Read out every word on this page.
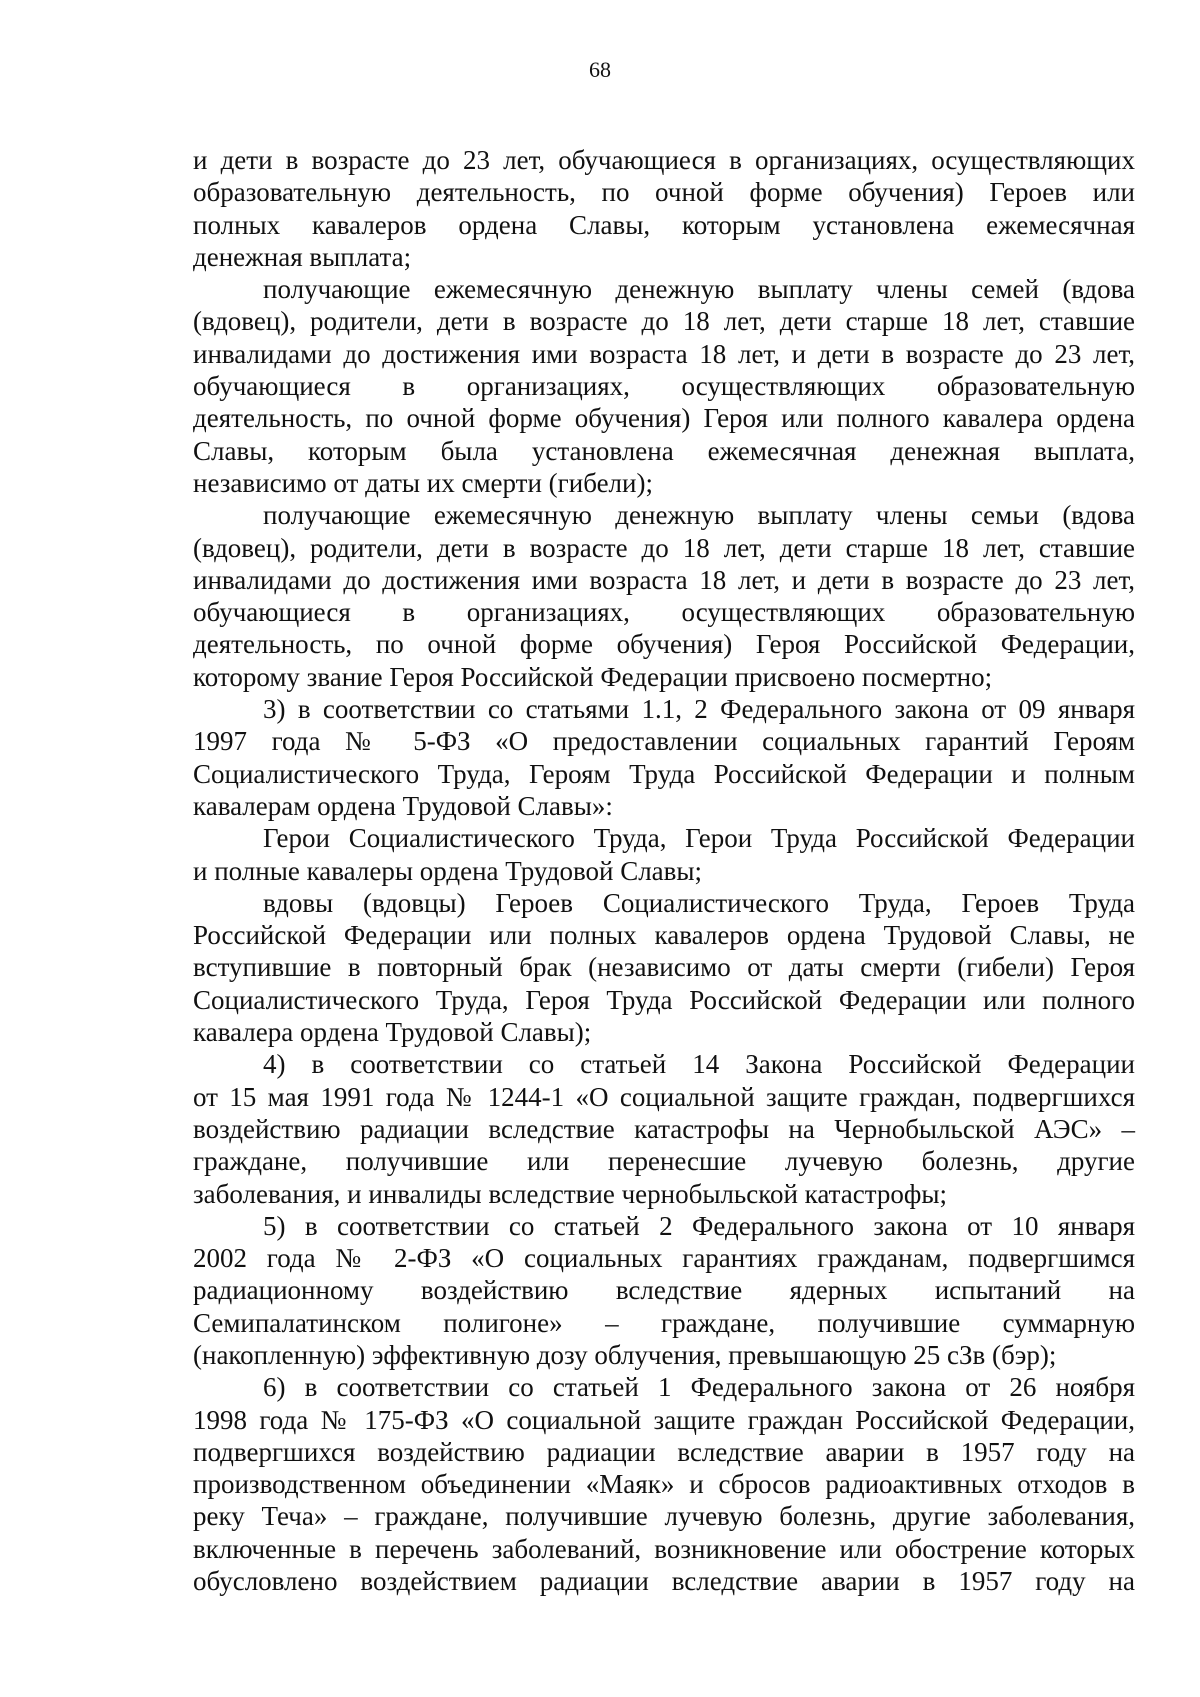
68
и дети в возрасте до 23 лет, обучающиеся в организациях, осуществляющих
образовательную деятельность, по очной форме обучения) Героев или
полных кавалеров ордена Славы, которым установлена ежемесячная
денежная выплата;
получающие ежемесячную денежную выплату члены семей (вдова
(вдовец), родители, дети в возрасте до 18 лет, дети старше 18 лет, ставшие
инвалидами до достижения ими возраста 18 лет, и дети в возрасте до 23 лет,
обучающиеся в организациях, осуществляющих образовательную
деятельность, по очной форме обучения) Героя или полного кавалера ордена
Славы, которым была установлена ежемесячная денежная выплата,
независимо от даты их смерти (гибели);
получающие ежемесячную денежную выплату члены семьи (вдова
(вдовец), родители, дети в возрасте до 18 лет, дети старше 18 лет, ставшие
инвалидами до достижения ими возраста 18 лет, и дети в возрасте до 23 лет,
обучающиеся в организациях, осуществляющих образовательную
деятельность, по очной форме обучения) Героя Российской Федерации,
которому звание Героя Российской Федерации присвоено посмертно;
3) в соответствии со статьями 1.1, 2 Федерального закона от 09 января
1997 года № 5-ФЗ «О предоставлении социальных гарантий Героям
Социалистического Труда, Героям Труда Российской Федерации и полным
кавалерам ордена Трудовой Славы»:
Герои Социалистического Труда, Герои Труда Российской Федерации
и полные кавалеры ордена Трудовой Славы;
вдовы (вдовцы) Героев Социалистического Труда, Героев Труда
Российской Федерации или полных кавалеров ордена Трудовой Славы, не
вступившие в повторный брак (независимо от даты смерти (гибели) Героя
Социалистического Труда, Героя Труда Российской Федерации или полного
кавалера ордена Трудовой Славы);
4) в соответствии со статьей 14 Закона Российской Федерации
от 15 мая 1991 года № 1244-1 «О социальной защите граждан, подвергшихся
воздействию радиации вследствие катастрофы на Чернобыльской АЭС» –
граждане, получившие или перенесшие лучевую болезнь, другие
заболевания, и инвалиды вследствие чернобыльской катастрофы;
5) в соответствии со статьей 2 Федерального закона от 10 января
2002 года № 2-ФЗ «О социальных гарантиях гражданам, подвергшимся
радиационному воздействию вследствие ядерных испытаний на
Семипалатинском полигоне» – граждане, получившие суммарную
(накопленную) эффективную дозу облучения, превышающую 25 сЗв (бэр);
6) в соответствии со статьей 1 Федерального закона от 26 ноября
1998 года № 175-ФЗ «О социальной защите граждан Российской Федерации,
подвергшихся воздействию радиации вследствие аварии в 1957 году на
производственном объединении «Маяк» и сбросов радиоактивных отходов в
реку Теча» – граждане, получившие лучевую болезнь, другие заболевания,
включенные в перечень заболеваний, возникновение или обострение которых
обусловлено воздействием радиации вследствие аварии в 1957 году на
